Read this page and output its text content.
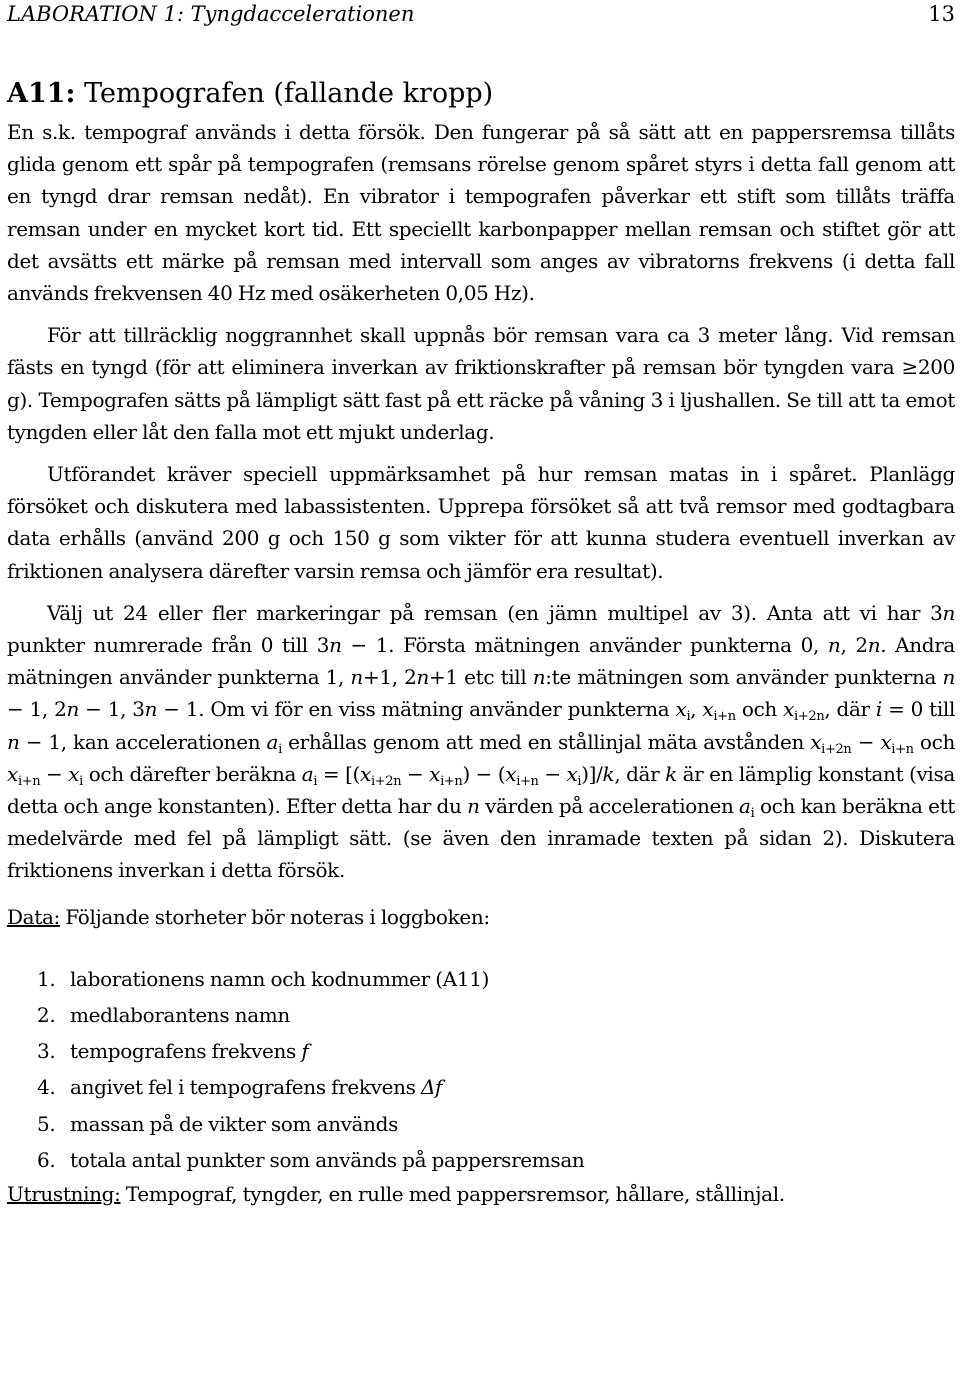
LABORATION 1: Tyngdaccelerationen	13
A11: Tempografen (fallande kropp)

En s.k. tempograf används i detta försök. Den fungerar på så sätt att en pappersremsa tillåts glida genom ett spår på tempografen (remsans rörelse genom spåret styrs i detta fall genom att en tyngd drar remsan nedåt). En vibrator i tempografen påverkar ett stift som tillåts träffa remsan under en mycket kort tid. Ett speciellt karbonpapper mellan remsan och stiftet gör att det avsätts ett märke på remsan med intervall som anges av vibratorns frekvens (i detta fall används frekvensen 40 Hz med osäkerheten 0,05 Hz).

För att tillräcklig noggrannhet skall uppnås bör remsan vara ca 3 meter lång. Vid remsan fästs en tyngd (för att eliminera inverkan av friktionskrafter på remsan bör tyngden vara ≥200 g). Tempografen sätts på lämpligt sätt fast på ett räcke på våning 3 i ljushallen. Se till att ta emot tyngden eller låt den falla mot ett mjukt underlag.

Utförandet kräver speciell uppmärksamhet på hur remsan matas in i spåret. Planlägg försöket och diskutera med labassistenten. Upprepa försöket så att två remsor med godtagbara data erhålls (använd 200 g och 150 g som vikter för att kunna studera eventuell inverkan av friktionen analysera därefter varsin remsa och jämför era resultat).

Välj ut 24 eller fler markeringar på remsan (en jämn multipel av 3). Anta att vi har 3n punkter numrerade från 0 till 3n − 1. Första mätningen använder punkterna 0, n, 2n. Andra mätningen använder punkterna 1, n+1, 2n+1 etc till n:te mätningen som använder punkterna n − 1, 2n − 1, 3n − 1. Om vi för en viss mätning använder punkterna $x_i$, $x_{i+n}$ och $x_{i+2n}$, där i = 0 till n − 1, kan accelerationen $a_i$ erhållas genom att med en stållinjal mäta avstånden $x_{i+2n} - x_{i+n}$ och $x_{i+n} - x_i$ och därefter beräkna $a_i = [(x_{i+2n} - x_{i+n}) - (x_{i+n} - x_i)]/k$, där k är en lämplig konstant (visa detta och ange konstanten). Efter detta har du n värden på accelerationen $a_i$ och kan beräkna ett medelvärde med fel på lämpligt sätt. (se även den inramade texten på sidan 2). Diskutera friktionens inverkan i detta försök.

Data: Följande storheter bör noteras i loggboken:

1. laborationens namn och kodnummer (A11)
2. medlaborantens namn
3. tempografens frekvens f
4. angivet fel i tempografens frekvens Δf
5. massan på de vikter som används
6. totala antal punkter som används på pappersremsan

Utrustning: Tempograf, tyngder, en rulle med pappersremsor, hållare, stållinjal.
